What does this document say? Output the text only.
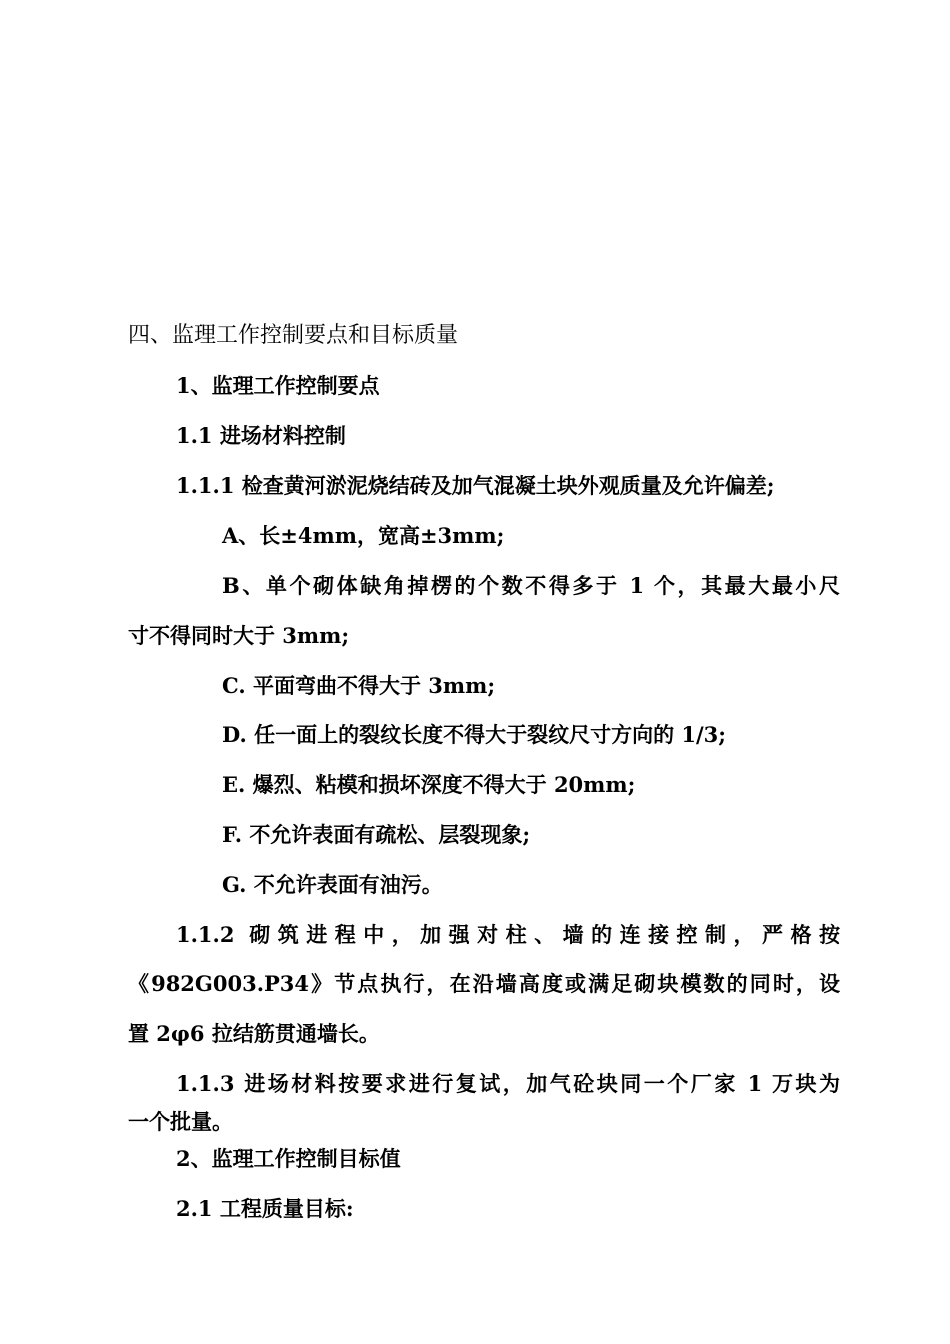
四、监理工作控制要点和目标质量
1、监理工作控制要点
1.1 进场材料控制
1.1.1 检查黄河淤泥烧结砖及加气混凝土块外观质量及允许偏差;
A、长±4mm，宽高±3mm;
B、单个砌体缺角掉楞的个数不得多于 1 个，其最大最小尺
寸不得同时大于 3mm;
C. 平面弯曲不得大于 3mm;
D. 任一面上的裂纹长度不得大于裂纹尺寸方向的 1/3;
E. 爆烈、粘模和损坏深度不得大于 20mm;
F. 不允许表面有疏松、层裂现象;
G. 不允许表面有油污。
1.1.2 砌筑进程中，加强对柱、墙的连接控制，严格按
《982G003.P34》节点执行，在沿墙高度或满足砌块模数的同时，设
置 2φ6 拉结筋贯通墙长。
1.1.3 进场材料按要求进行复试，加气砼块同一个厂家 1 万块为
一个批量。
2、监理工作控制目标值
2.1 工程质量目标:
